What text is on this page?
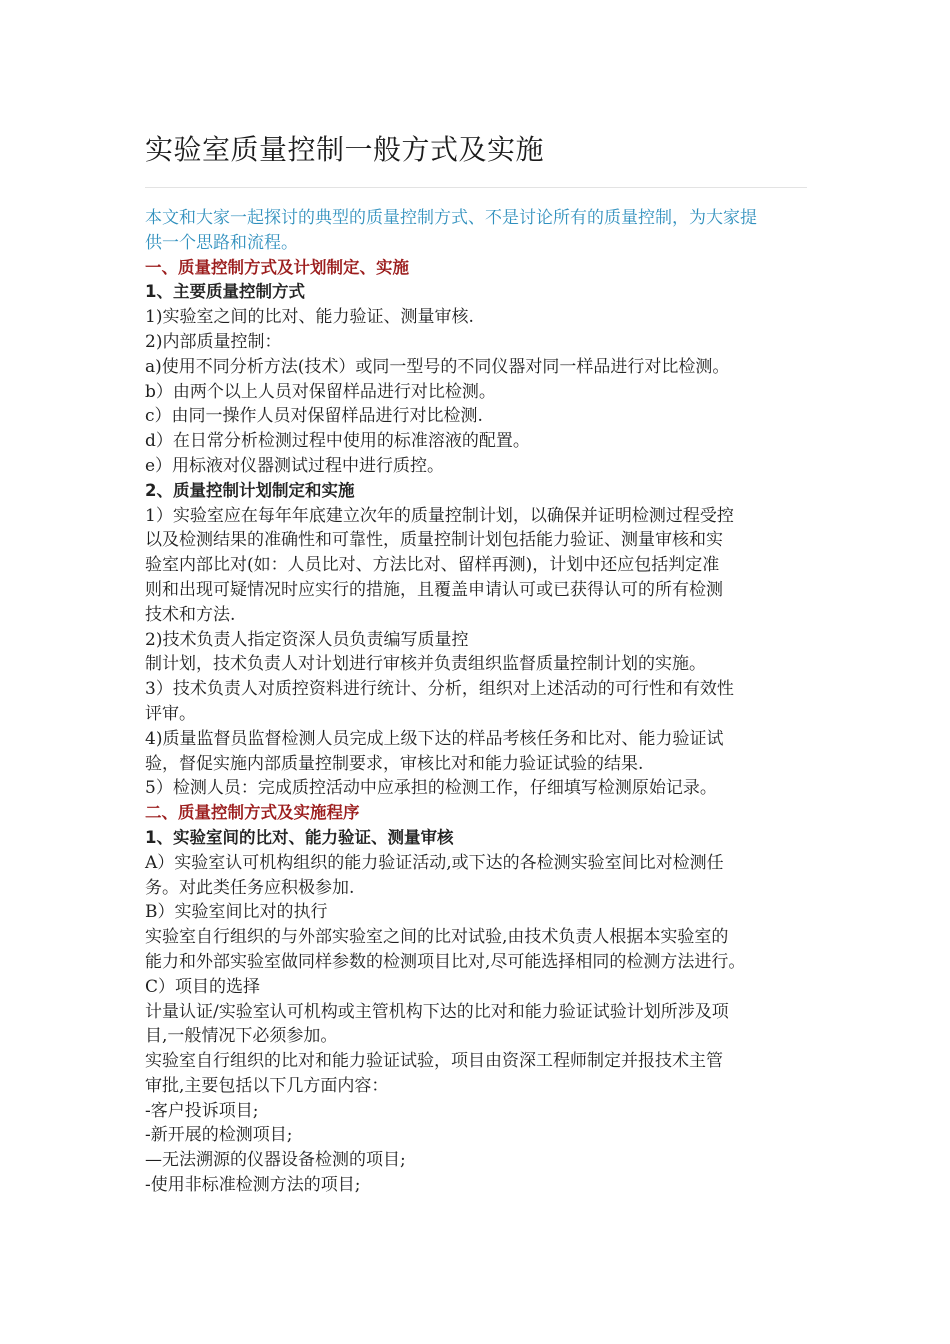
实验室质量控制一般方式及实施
本文和大家一起探讨的典型的质量控制方式、不是讨论所有的质量控制，为大家提
供一个思路和流程。
一、质量控制方式及计划制定、实施
1、主要质量控制方式
1)实验室之间的比对、能力验证、测量审核.
2)内部质量控制：
a)使用不同分析方法(技术）或同一型号的不同仪器对同一样品进行对比检测。
b）由两个以上人员对保留样品进行对比检测。
c）由同一操作人员对保留样品进行对比检测.
d）在日常分析检测过程中使用的标准溶液的配置。
e）用标液对仪器测试过程中进行质控。
2、质量控制计划制定和实施
1）实验室应在每年年底建立次年的质量控制计划，以确保并证明检测过程受控
以及检测结果的准确性和可靠性，质量控制计划包括能力验证、测量审核和实
验室内部比对(如：人员比对、方法比对、留样再测)，计划中还应包括判定准
则和出现可疑情况时应实行的措施，且覆盖申请认可或已获得认可的所有检测
技术和方法.
2)技术负责人指定资深人员负责编写质量控
制计划，技术负责人对计划进行审核并负责组织监督质量控制计划的实施。
3）技术负责人对质控资料进行统计、分析，组织对上述活动的可行性和有效性
评审。
4)质量监督员监督检测人员完成上级下达的样品考核任务和比对、能力验证试
验，督促实施内部质量控制要求，审核比对和能力验证试验的结果.
5）检测人员：完成质控活动中应承担的检测工作，仔细填写检测原始记录。
二、质量控制方式及实施程序
1、实验室间的比对、能力验证、测量审核
A）实验室认可机构组织的能力验证活动,或下达的各检测实验室间比对检测任
务。对此类任务应积极参加.
B）实验室间比对的执行
实验室自行组织的与外部实验室之间的比对试验,由技术负责人根据本实验室的
能力和外部实验室做同样参数的检测项目比对,尽可能选择相同的检测方法进行。
C）项目的选择
计量认证/实验室认可机构或主管机构下达的比对和能力验证试验计划所涉及项
目,一般情况下必须参加。
实验室自行组织的比对和能力验证试验，项目由资深工程师制定并报技术主管
审批,主要包括以下几方面内容：
-客户投诉项目;
-新开展的检测项目;
—无法溯源的仪器设备检测的项目;
-使用非标准检测方法的项目;
